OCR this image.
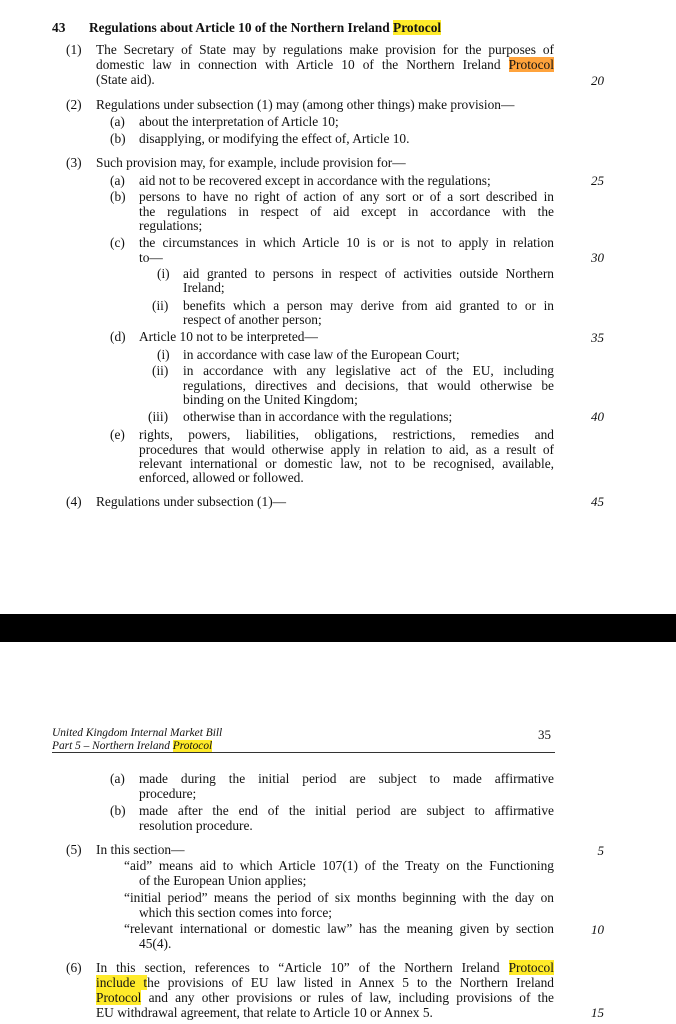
43 Regulations about Article 10 of the Northern Ireland Protocol
(1) The Secretary of State may by regulations make provision for the purposes of
domestic law in connection with Article 10 of the Northern Ireland Protocol
(State aid).
(2) Regulations under subsection (1) may (among other things) make provision—
(a) about the interpretation of Article 10;
(b) disapplying, or modifying the effect of, Article 10.
(3) Such provision may, for example, include provision for—
(a) aid not to be recovered except in accordance with the regulations;
(b) persons to have no right of action of any sort or of a sort described in
the regulations in respect of aid except in accordance with the
regulations;
(c) the circumstances in which Article 10 is or is not to apply in relation
to—
(i) aid granted to persons in respect of activities outside Northern
Ireland;
(ii) benefits which a person may derive from aid granted to or in
respect of another person;
(d) Article 10 not to be interpreted—
(i) in accordance with case law of the European Court;
(ii) in accordance with any legislative act of the EU, including
regulations, directives and decisions, that would otherwise be
binding on the United Kingdom;
(iii) otherwise than in accordance with the regulations;
(e) rights, powers, liabilities, obligations, restrictions, remedies and
procedures that would otherwise apply in relation to aid, as a result of
relevant international or domestic law, not to be recognised, available,
enforced, allowed or followed.
(4) Regulations under subsection (1)—
20
25
30
35
40
45
United Kingdom Internal Market Bill
Part 5 – Northern Ireland Protocol
35
(a) made during the initial period are subject to made affirmative
procedure;
(b) made after the end of the initial period are subject to affirmative
resolution procedure.
(5) In this section—
“aid” means aid to which Article 107(1) of the Treaty on the Functioning
of the European Union applies;
“initial period” means the period of six months beginning with the day on
which this section comes into force;
“relevant international or domestic law” has the meaning given by section
45(4).
(6) In this section, references to “Article 10” of the Northern Ireland Protocol
include the provisions of EU law listed in Annex 5 to the Northern Ireland
Protocol and any other provisions or rules of law, including provisions of the
EU withdrawal agreement, that relate to Article 10 or Annex 5.
5
10
15
